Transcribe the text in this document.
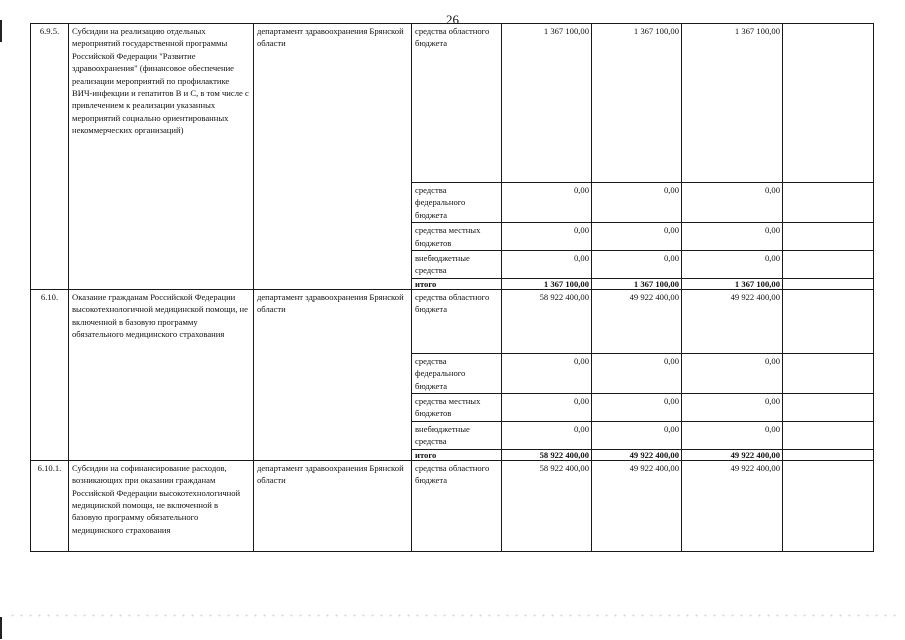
26
6.9.5.	Субсидии на реализацию отдельных мероприятий государственной программы Российской Федерации "Развитие здравоохранения" (финансовое обеспечение реализации мероприятий по профилактике ВИЧ-инфекции и гепатитов В и С, в том числе с привлечением к реализации указанных мероприятий социально ориентированных некоммерческих организаций)	департамент здравоохранения Брянской области	средства областного бюджета	1 367 100,00	1 367 100,00	1 367 100,00	
			средства федерального бюджета	0,00	0,00	0,00	
			средства местных бюджетов	0,00	0,00	0,00	
			внебюджетные средства	0,00	0,00	0,00	
			итого	1 367 100,00	1 367 100,00	1 367 100,00	
6.10.	Оказание гражданам Российской Федерации высокотехнологичной медицинской помощи, не включенной в базовую программу обязательного медицинского страхования	департамент здравоохранения Брянской области	средства областного бюджета	58 922 400,00	49 922 400,00	49 922 400,00	
			средства федерального бюджета	0,00	0,00	0,00	
			средства местных бюджетов	0,00	0,00	0,00	
			внебюджетные средства	0,00	0,00	0,00	
			итого	58 922 400,00	49 922 400,00	49 922 400,00	
6.10.1.	Субсидии на софинансирование расходов, возникающих при оказании гражданам Российской Федерации высокотехнологичной медицинской помощи, не включенной в базовую программу обязательного медицинского страхования	департамент здравоохранения Брянской области	средства областного бюджета	58 922 400,00	49 922 400,00	49 922 400,00	
